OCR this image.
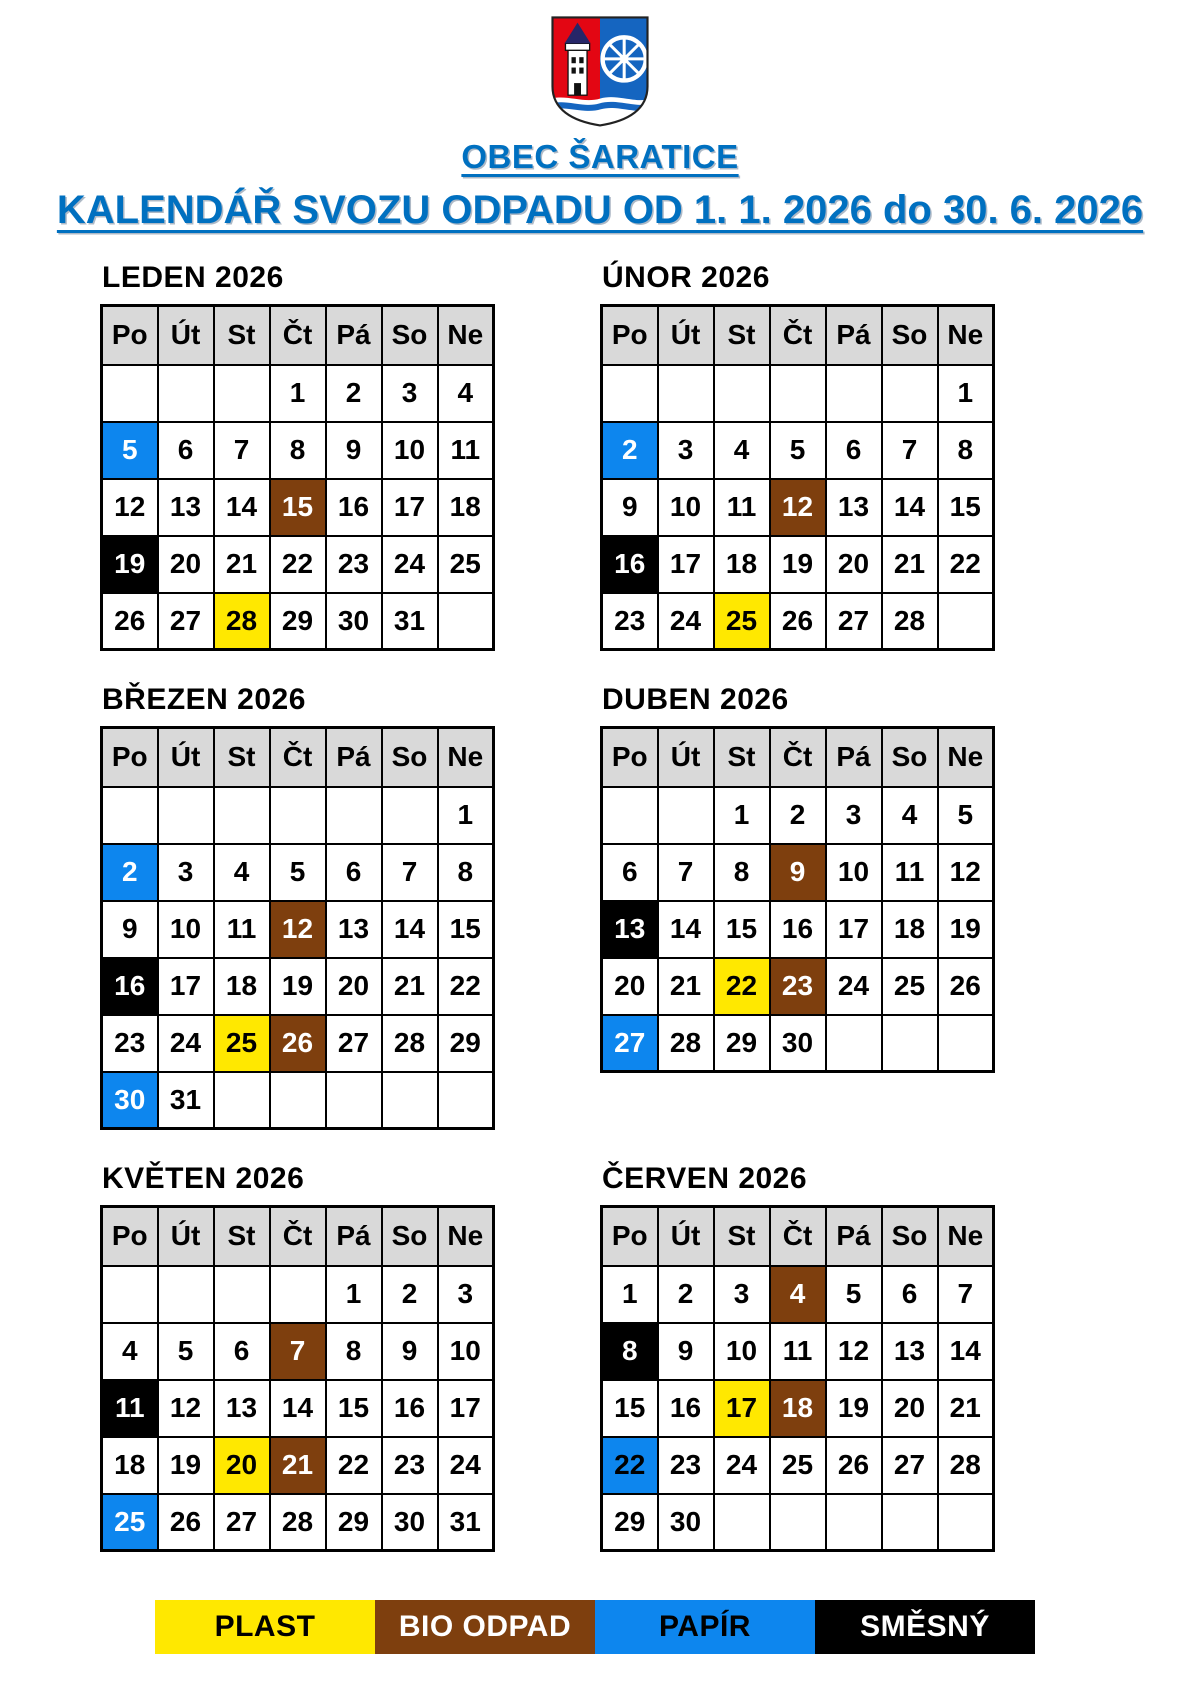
OBEC ŠARATICE
KALENDÁŘ SVOZU ODPADU OD 1. 1. 2026 do 30. 6. 2026
LEDEN 2026
Po	Út	St	Čt	Pá	So	Ne
			1	2	3	4
5	6	7	8	9	10	11
12	13	14	15	16	17	18
19	20	21	22	23	24	25
26	27	28	29	30	31	
ÚNOR 2026
Po	Út	St	Čt	Pá	So	Ne
						1
2	3	4	5	6	7	8
9	10	11	12	13	14	15
16	17	18	19	20	21	22
23	24	25	26	27	28	
BŘEZEN 2026
Po	Út	St	Čt	Pá	So	Ne
						1
2	3	4	5	6	7	8
9	10	11	12	13	14	15
16	17	18	19	20	21	22
23	24	25	26	27	28	29
30	31					
DUBEN 2026
Po	Út	St	Čt	Pá	So	Ne
		1	2	3	4	5
6	7	8	9	10	11	12
13	14	15	16	17	18	19
20	21	22	23	24	25	26
27	28	29	30			
KVĚTEN 2026
Po	Út	St	Čt	Pá	So	Ne
				1	2	3
4	5	6	7	8	9	10
11	12	13	14	15	16	17
18	19	20	21	22	23	24
25	26	27	28	29	30	31
ČERVEN 2026
Po	Út	St	Čt	Pá	So	Ne
1	2	3	4	5	6	7
8	9	10	11	12	13	14
15	16	17	18	19	20	21
22	23	24	25	26	27	28
29	30					
PLAST	BIO ODPAD	PAPÍR	SMĚSNÝ
